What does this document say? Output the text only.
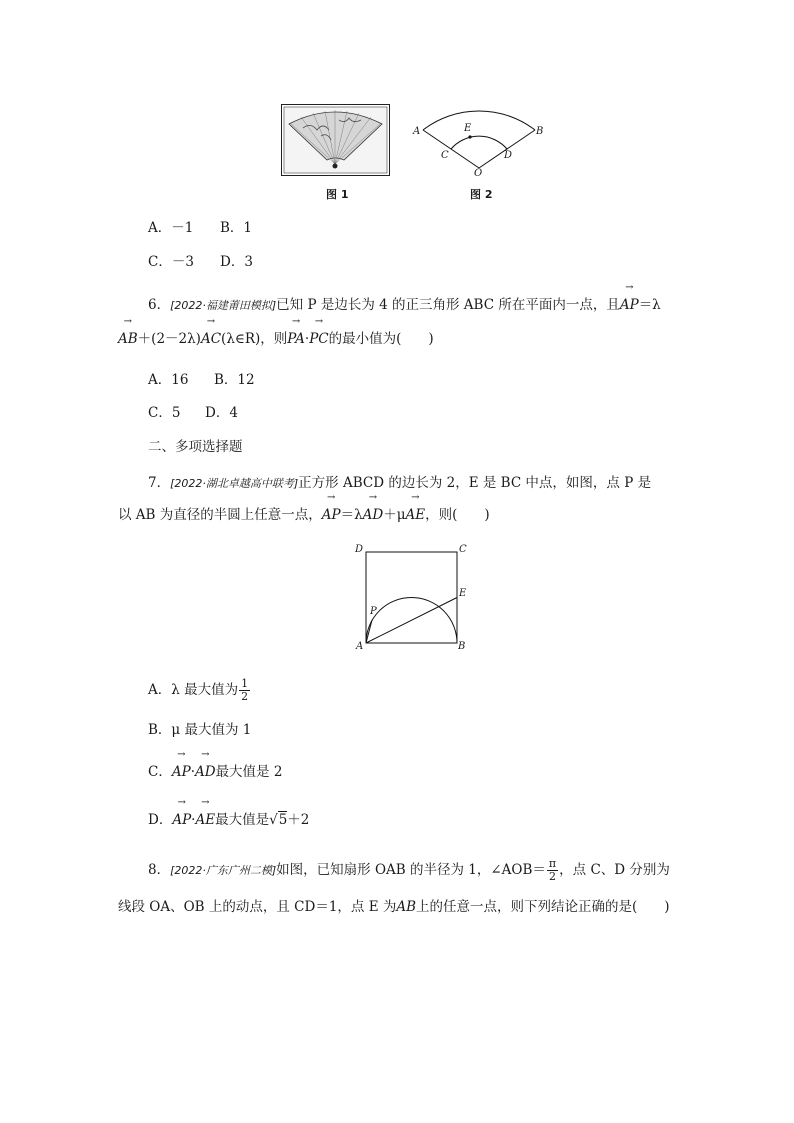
图 1
A	B
C	D
E
O
图 2
A．－1 B．1
C．－3 D．3
6．[2022·福建莆田模拟]已知 P 是边长为 4 的正三角形 ABC 所在平面内一点，且→ AP＝λ
→ AB＋(2－2λ)→ AC(λ∈R)，则→ PA·→ PC的最小值为(　　)
A．16 B．12
C．5 D．4
二、多项选择题
7．[2022·湖北卓越高中联考]正方形 ABCD 的边长为 2，E 是 BC 中点，如图，点 P 是
以 AB 为直径的半圆上任意一点，→ AP＝λ→ AD＋μ→ AE，则(　　)
D	C
E
P
A	B
A．λ 最大值为 $\frac{1}{2}$
B．μ 最大值为 1
C．→ AP·→ AD最大值是 2
D．→ AP·→ AE最大值是√5＋2
8．[2022·广东广州二模]如图，已知扇形 OAB 的半径为 1，∠AOB＝ $\frac{\pi}{2}$ ，点 C、D 分别为
线段 OA、OB 上的动点，且 CD＝1，点 E 为AB上的任意一点，则下列结论正确的是(　　)
